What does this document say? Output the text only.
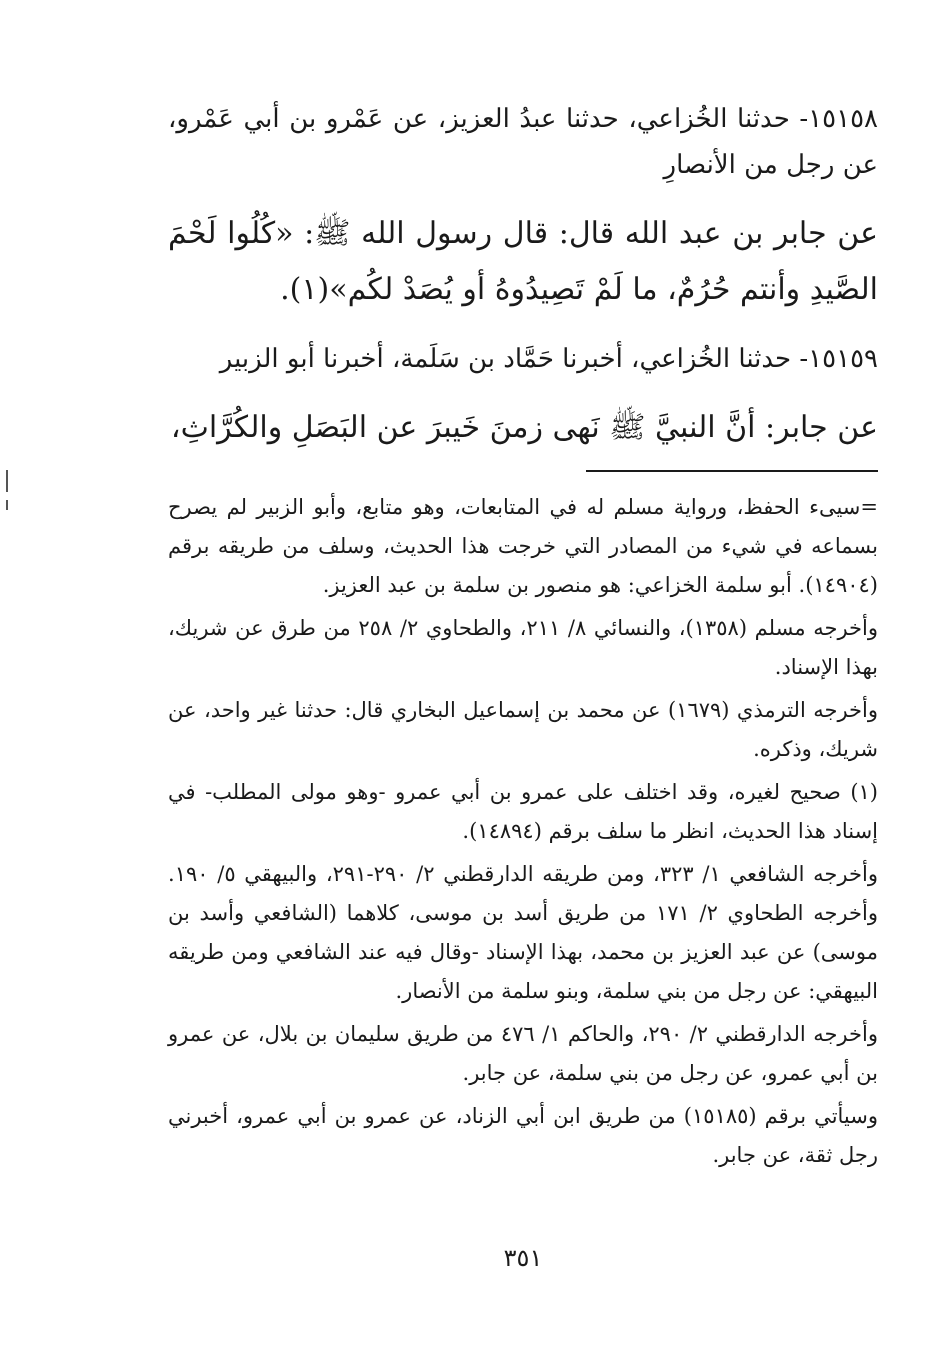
١٥١٥٨- حدثنا الخُزاعي، حدثنا عبدُ العزيز، عن عَمْرو بن أبي عَمْرو، عن رجل من الأنصارِ

عن جابر بن عبد الله قال: قال رسول الله ﷺ: «كُلُوا لَحْمَ الصَّيدِ وأنتم حُرُمٌ، ما لَمْ تَصِيدُوهُ أو يُصَدْ لكُم»(١).

١٥١٥٩- حدثنا الخُزاعي، أخبرنا حَمَّاد بن سَلَمة، أخبرنا أبو الزبير

عن جابر: أنَّ النبيَّ ﷺ نَهى زمنَ خَيبرَ عن البَصَلِ والكُرَّاثِ،

=سيىء الحفظ، ورواية مسلم له في المتابعات، وهو متابع، وأبو الزبير لم يصرح بسماعه في شيء من المصادر التي خرجت هذا الحديث، وسلف من طريقه برقم (١٤٩٠٤). أبو سلمة الخزاعي: هو منصور بن سلمة بن عبد العزيز.

وأخرجه مسلم (١٣٥٨)، والنسائي ٨/ ٢١١، والطحاوي ٢/ ٢٥٨ من طرق عن شريك، بهذا الإسناد.

وأخرجه الترمذي (١٦٧٩) عن محمد بن إسماعيل البخاري قال: حدثنا غير واحد، عن شريك، وذكره.

(١) صحيح لغيره، وقد اختلف على عمرو بن أبي عمرو -وهو مولى المطلب- في إسناد هذا الحديث، انظر ما سلف برقم (١٤٨٩٤).

وأخرجه الشافعي ١/ ٣٢٣، ومن طريقه الدارقطني ٢/ ٢٩٠-٢٩١، والبيهقي ٥/ ١٩٠. وأخرجه الطحاوي ٢/ ١٧١ من طريق أسد بن موسى، كلاهما (الشافعي وأسد بن موسى) عن عبد العزيز بن محمد، بهذا الإسناد -وقال فيه عند الشافعي ومن طريقه البيهقي: عن رجل من بني سلمة، وبنو سلمة من الأنصار.

وأخرجه الدارقطني ٢/ ٢٩٠، والحاكم ١/ ٤٧٦ من طريق سليمان بن بلال، عن عمرو بن أبي عمرو، عن رجل من بني سلمة، عن جابر.

وسيأتي برقم (١٥١٨٥) من طريق ابن أبي الزناد، عن عمرو بن أبي عمرو، أخبرني رجل ثقة، عن جابر.

٣٥١
